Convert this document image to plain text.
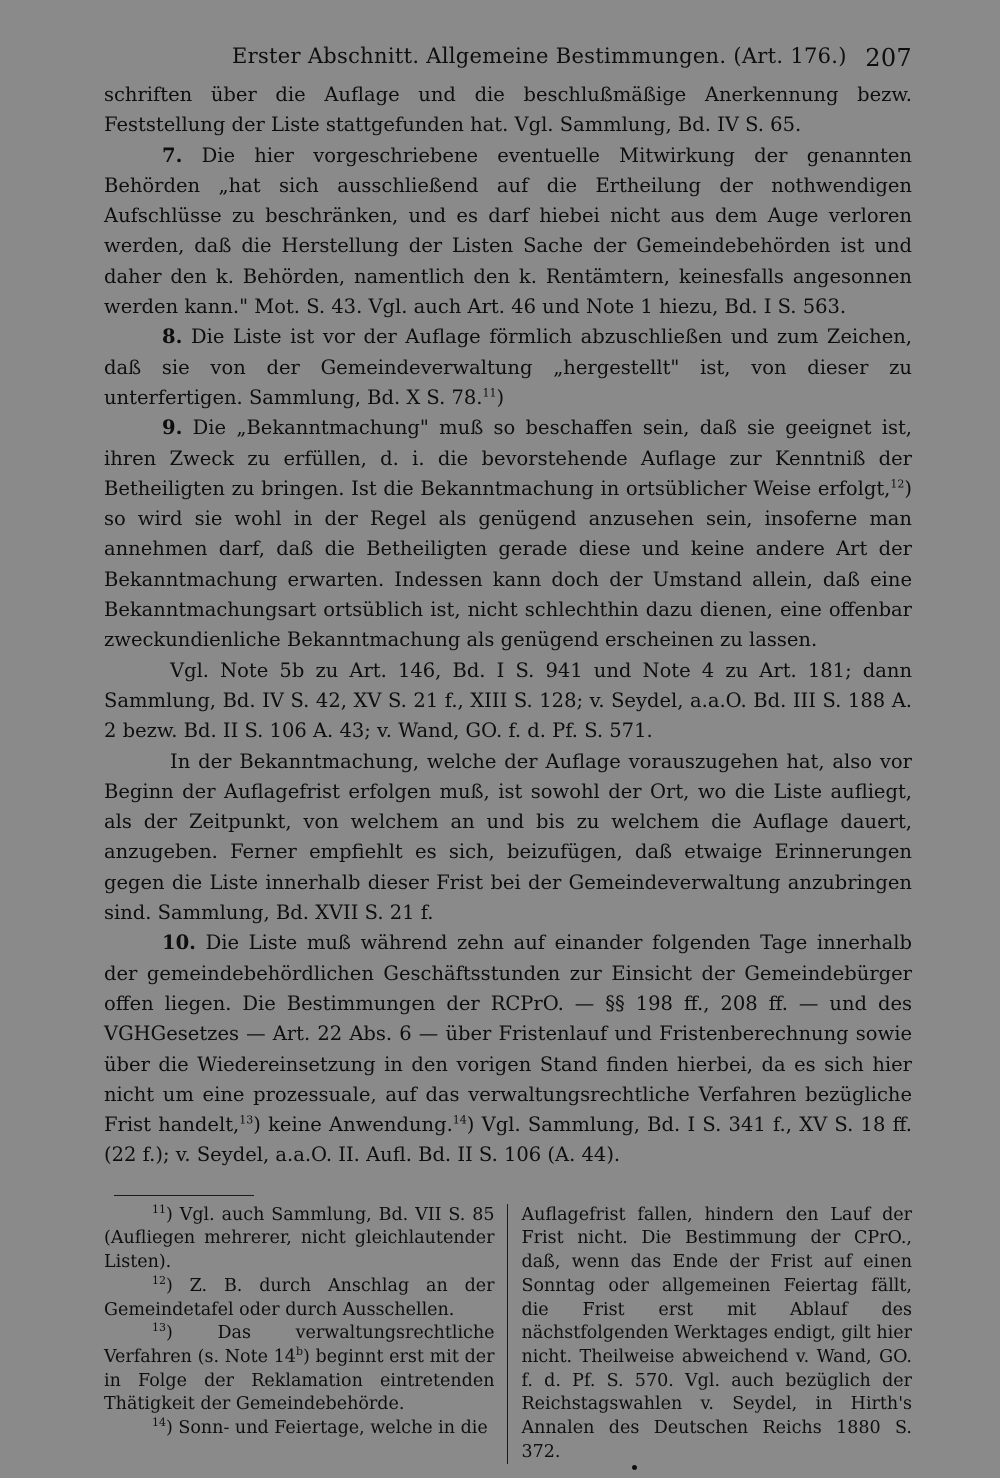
Erster Abschnitt. Allgemeine Bestimmungen. (Art. 176.) 207

schriften über die Auflage und die beschlußmäßige Anerkennung bezw. Feststellung der Liste stattgefunden hat. Vgl. Sammlung, Bd. IV S. 65.

7. Die hier vorgeschriebene eventuelle Mitwirkung der genannten Behörden „hat sich ausschließend auf die Ertheilung der nothwendigen Aufschlüsse zu beschränken, und es darf hiebei nicht aus dem Auge verloren werden, daß die Herstellung der Listen Sache der Gemeindebehörden ist und daher den k. Behörden, namentlich den k. Rentämtern, keinesfalls angesonnen werden kann." Mot. S. 43. Vgl. auch Art. 46 und Note 1 hiezu, Bd. I S. 563.

8. Die Liste ist vor der Auflage förmlich abzuschließen und zum Zeichen, daß sie von der Gemeindeverwaltung „hergestellt" ist, von dieser zu unterfertigen. Sammlung, Bd. X S. 78.11)

9. Die „Bekanntmachung" muß so beschaffen sein, daß sie geeignet ist, ihren Zweck zu erfüllen, d. i. die bevorstehende Auflage zur Kenntniß der Betheiligten zu bringen. Ist die Bekanntmachung in ortsüblicher Weise erfolgt,$^{12}$) so wird sie wohl in der Regel als genügend anzusehen sein, insoferne man annehmen darf, daß die Betheiligten gerade diese und keine andere Art der Bekanntmachung erwarten. Indessen kann doch der Umstand allein, daß eine Bekanntmachungsart ortsüblich ist, nicht schlechthin dazu dienen, eine offenbar zweckundienliche Bekanntmachung als genügend erscheinen zu lassen.

Vgl. Note 5b zu Art. 146, Bd. I S. 941 und Note 4 zu Art. 181; dann Sammlung, Bd. IV S. 42, XV S. 21 f., XIII S. 128; v. Seydel, a.a.O. Bd. III S. 188 A. 2 bezw. Bd. II S. 106 A. 43; v. Wand, GO. f. d. Pf. S. 571.

In der Bekanntmachung, welche der Auflage vorauszugehen hat, also vor Beginn der Auflagefrist erfolgen muß, ist sowohl der Ort, wo die Liste aufliegt, als der Zeitpunkt, von welchem an und bis zu welchem die Auflage dauert, anzugeben. Ferner empfiehlt es sich, beizufügen, daß etwaige Erinnerungen gegen die Liste innerhalb dieser Frist bei der Gemeindeverwaltung anzubringen sind. Sammlung, Bd. XVII S. 21 f.

10. Die Liste muß während zehn auf einander folgenden Tage innerhalb der gemeindebehördlichen Geschäftsstunden zur Einsicht der Gemeindebürger offen liegen. Die Bestimmungen der RCPrO. — §§ 198 ff., 208 ff. — und des VGHGesetzes — Art. 22 Abs. 6 — über Fristenlauf und Fristenberechnung sowie über die Wiedereinsetzung in den vorigen Stand finden hierbei, da es sich hier nicht um eine prozessuale, auf das verwaltungsrechtliche Verfahren bezügliche Frist handelt,$^{13}$) keine Anwendung.$^{14}$) Vgl. Sammlung, Bd. I S. 341 f., XV S. 18 ff. (22 f.); v. Seydel, a.a.O. II. Aufl. Bd. II S. 106 (A. 44).

$^{11}$) Vgl. auch Sammlung, Bd. VII S. 85 (Aufliegen mehrerer, nicht gleichlautender Listen).

$^{12}$) Z. B. durch Anschlag an der Gemeindetafel oder durch Ausschellen.

$^{13}$) Das verwaltungsrechtliche Verfahren (s. Note 14$^b$) beginnt erst mit der in Folge der Reklamation eintretenden Thätigkeit der Gemeindebehörde.

$^{14}$) Sonn- und Feiertage, welche in die

Auflagefrist fallen, hindern den Lauf der Frist nicht. Die Bestimmung der CPrO., daß, wenn das Ende der Frist auf einen Sonntag oder allgemeinen Feiertag fällt, die Frist erst mit Ablauf des nächstfolgenden Werktages endigt, gilt hier nicht. Theilweise abweichend v. Wand, GO. f. d. Pf. S. 570. Vgl. auch bezüglich der Reichstagswahlen v. Seydel, in Hirth's Annalen des Deutschen Reichs 1880 S. 372.
